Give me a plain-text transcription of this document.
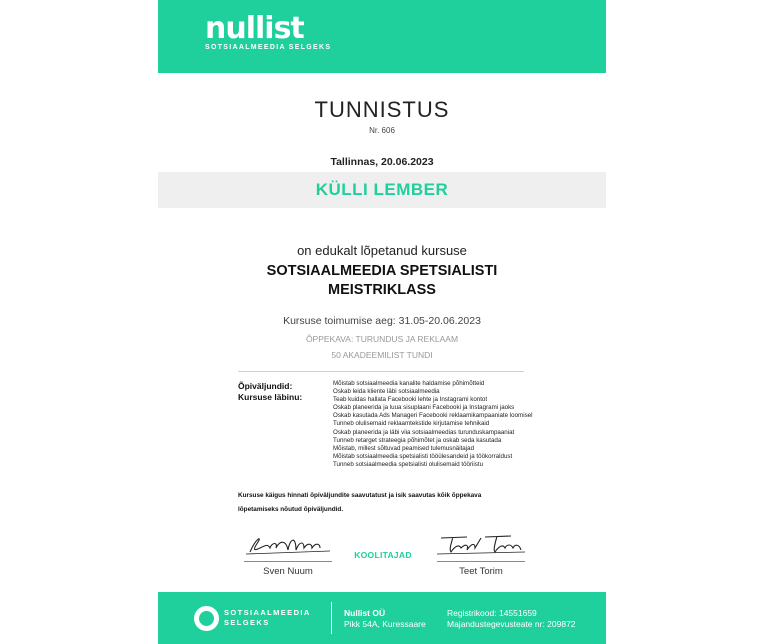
nullist
SOTSIAALMEEDIA SELGEKS
TUNNISTUS
Nr. 606
Tallinnas, 20.06.2023
KÜLLI LEMBER
on edukalt lõpetanud kursuse
SOTSIAALMEEDIA SPETSIALISTI
MEISTRIKLASS
Kursuse toimumise aeg: 31.05-20.06.2023
ÕPPEKAVA: TURUNDUS JA REKLAAM
50 AKADEEMILIST TUNDI
Õpiväljundid:
Kursuse läbinu:
Mõistab sotsiaalmeedia kanalite haldamise põhimõtteid
Oskab leida kliente läbi sotsiaalmeedia
Teab kuidas hallata Facebooki lehte ja Instagrami kontot
Oskab planeerida ja luua sisuplaani Facebooki ja Instagrami jaoks
Oskab kasutada Ads Manageri Facebooki reklaamikampaaniate loomisel
Tunneb olulisemaid reklaamtekstide kirjutamise tehnikaid
Oskab planeerida ja läbi viia sotsiaalmeedias turunduskampaaniat
Tunneb retarget strateegia põhimõtet ja oskab seda kasutada
Mõistab, millest sõltuvad peamised tulemusnäitajad
Mõistab sotsiaalmeedia spetsialisti tööülesandeid ja töökorraldust
Tunneb sotsiaalmeedia spetsialisti olulisemaid tööriistu
Kursuse käigus hinnati õpiväljundite saavutatust ja isik saavutas kõik õppekava
lõpetamiseks nõutud õpiväljundid.
Sven Nuum
KOOLITAJAD
Teet Torim
SOTSIAALMEEDIA
SELGEKS
Nullist OÜ
Pikk 54A, Kuressaare
Registrikood: 14551659
Majandustegevusteate nr: 209872
